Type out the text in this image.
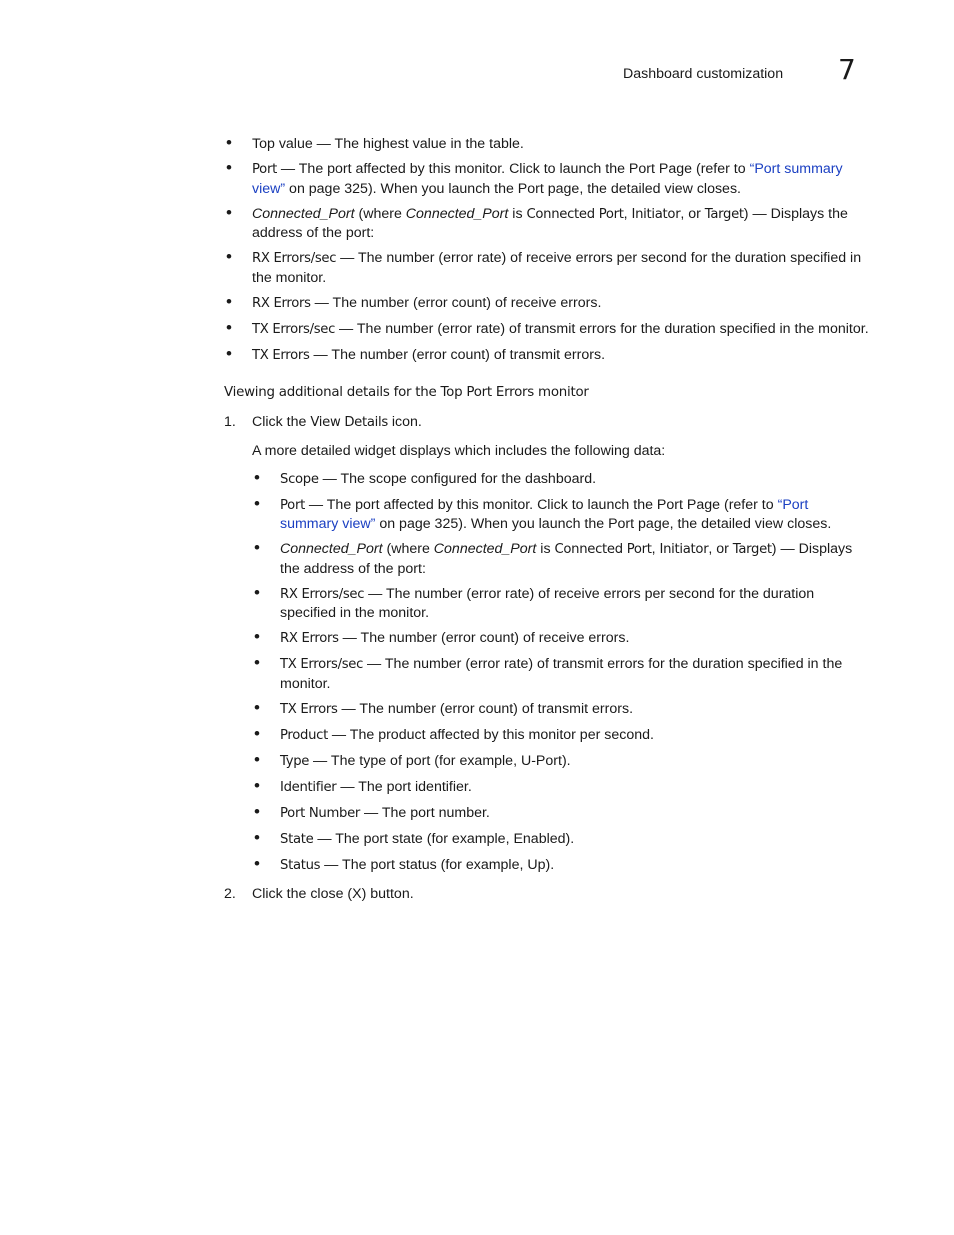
Dashboard customization 7
• Top value — The highest value in the table.
• Port — The port affected by this monitor. Click to launch the Port Page (refer to “Port summary view” on page 325). When you launch the Port page, the detailed view closes.
• Connected_Port (where Connected_Port is Connected Port, Initiator, or Target) — Displays the address of the port:
• RX Errors/sec — The number (error rate) of receive errors per second for the duration specified in the monitor.
• RX Errors — The number (error count) of receive errors.
• TX Errors/sec — The number (error rate) of transmit errors for the duration specified in the monitor.
• TX Errors — The number (error count) of transmit errors.
Viewing additional details for the Top Port Errors monitor
1. Click the View Details icon.
A more detailed widget displays which includes the following data:
• Scope — The scope configured for the dashboard.
• Port — The port affected by this monitor. Click to launch the Port Page (refer to “Port summary view” on page 325). When you launch the Port page, the detailed view closes.
• Connected_Port (where Connected_Port is Connected Port, Initiator, or Target) — Displays the address of the port:
• RX Errors/sec — The number (error rate) of receive errors per second for the duration specified in the monitor.
• RX Errors — The number (error count) of receive errors.
• TX Errors/sec — The number (error rate) of transmit errors for the duration specified in the monitor.
• TX Errors — The number (error count) of transmit errors.
• Product — The product affected by this monitor per second.
• Type — The type of port (for example, U-Port).
• Identifier — The port identifier.
• Port Number — The port number.
• State — The port state (for example, Enabled).
• Status — The port status (for example, Up).
2. Click the close (X) button.
